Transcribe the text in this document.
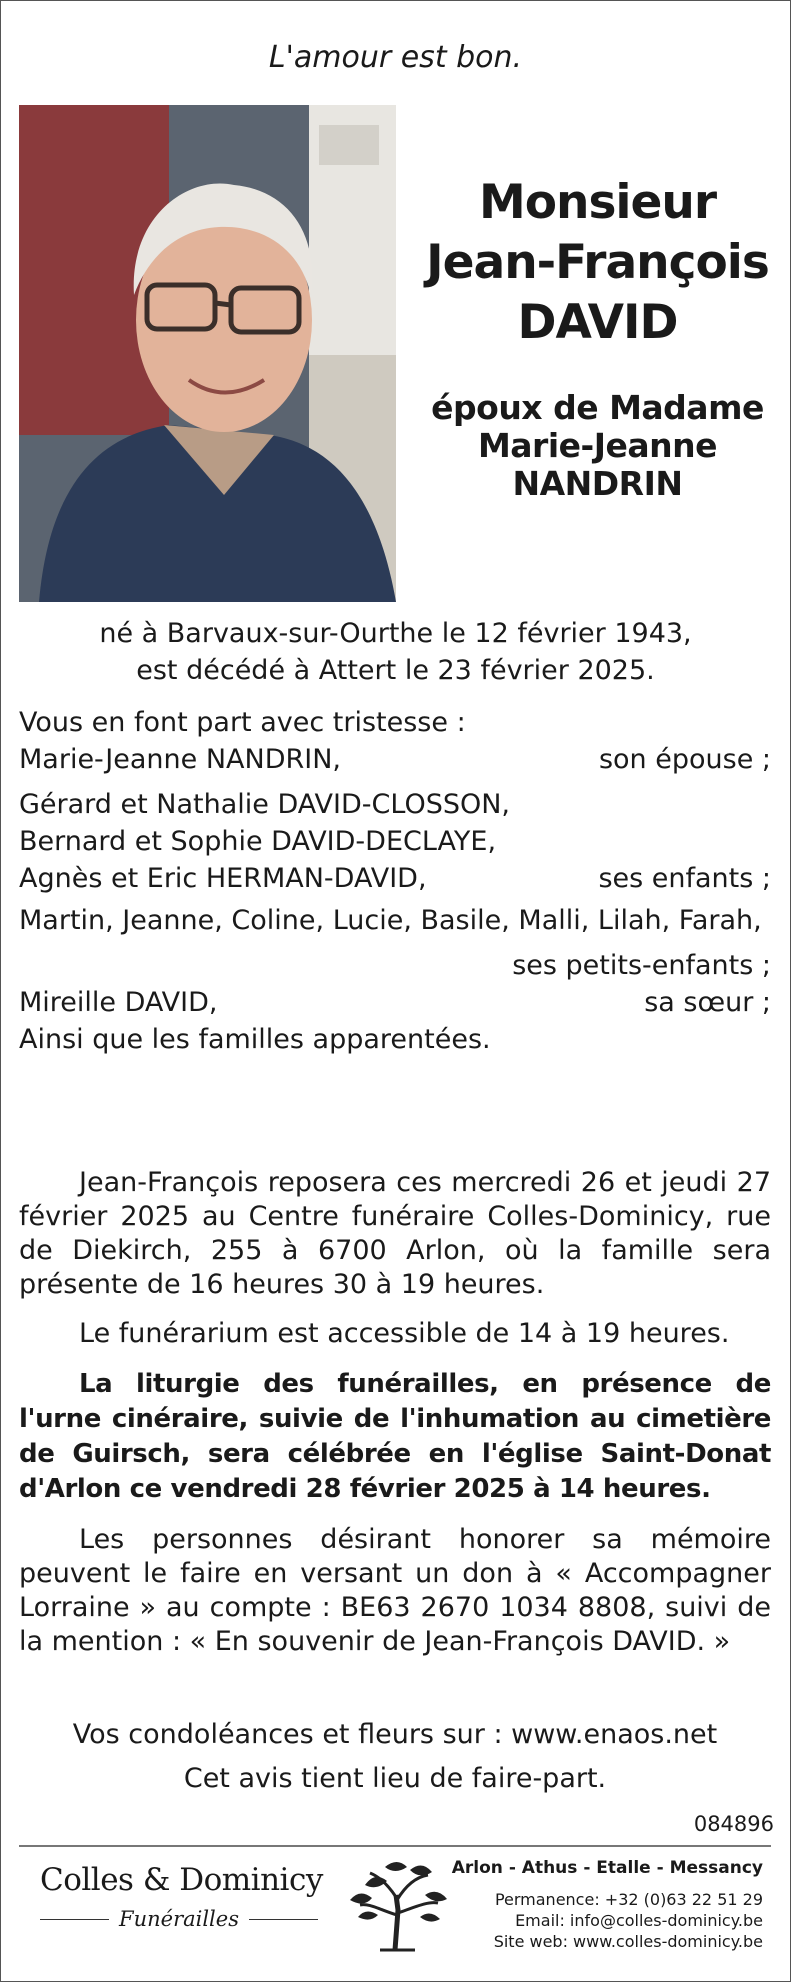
L'amour est bon.
Monsieur
Jean-François
DAVID
époux de Madame
Marie-Jeanne
NANDRIN
né à Barvaux-sur-Ourthe le 12 février 1943,
est décédé à Attert le 23 février 2025.
Vous en font part avec tristesse :
Marie-Jeanne NANDRIN,	son épouse ;
Gérard et Nathalie DAVID-CLOSSON,
Bernard et Sophie DAVID-DECLAYE,
Agnès et Eric HERMAN-DAVID,	ses enfants ;
Martin, Jeanne, Coline, Lucie, Basile, Malli, Lilah, Farah,
ses petits-enfants ;
Mireille DAVID,	sa sœur ;
Ainsi que les familles apparentées.
Jean-François reposera ces mercredi 26 et jeudi 27 février 2025 au Centre funéraire Colles-Dominicy, rue de Diekirch, 255 à 6700 Arlon, où la famille sera présente de 16 heures 30 à 19 heures.
Le funérarium est accessible de 14 à 19 heures.
La liturgie des funérailles, en présence de l'urne cinéraire, suivie de l'inhumation au cimetière de Guirsch, sera célébrée en l'église Saint-Donat d'Arlon ce vendredi 28 février 2025 à 14 heures.
Les personnes désirant honorer sa mémoire peuvent le faire en versant un don à « Accompagner Lorraine » au compte : BE63 2670 1034 8808, suivi de la mention : « En souvenir de Jean-François DAVID. »
Vos condoléances et fleurs sur : www.enaos.net
Cet avis tient lieu de faire-part.
084896
Colles & Dominicy
Funérailles
Arlon - Athus - Etalle - Messancy
Permanence: +32 (0)63 22 51 29
Email: info@colles-dominicy.be
Site web: www.colles-dominicy.be
